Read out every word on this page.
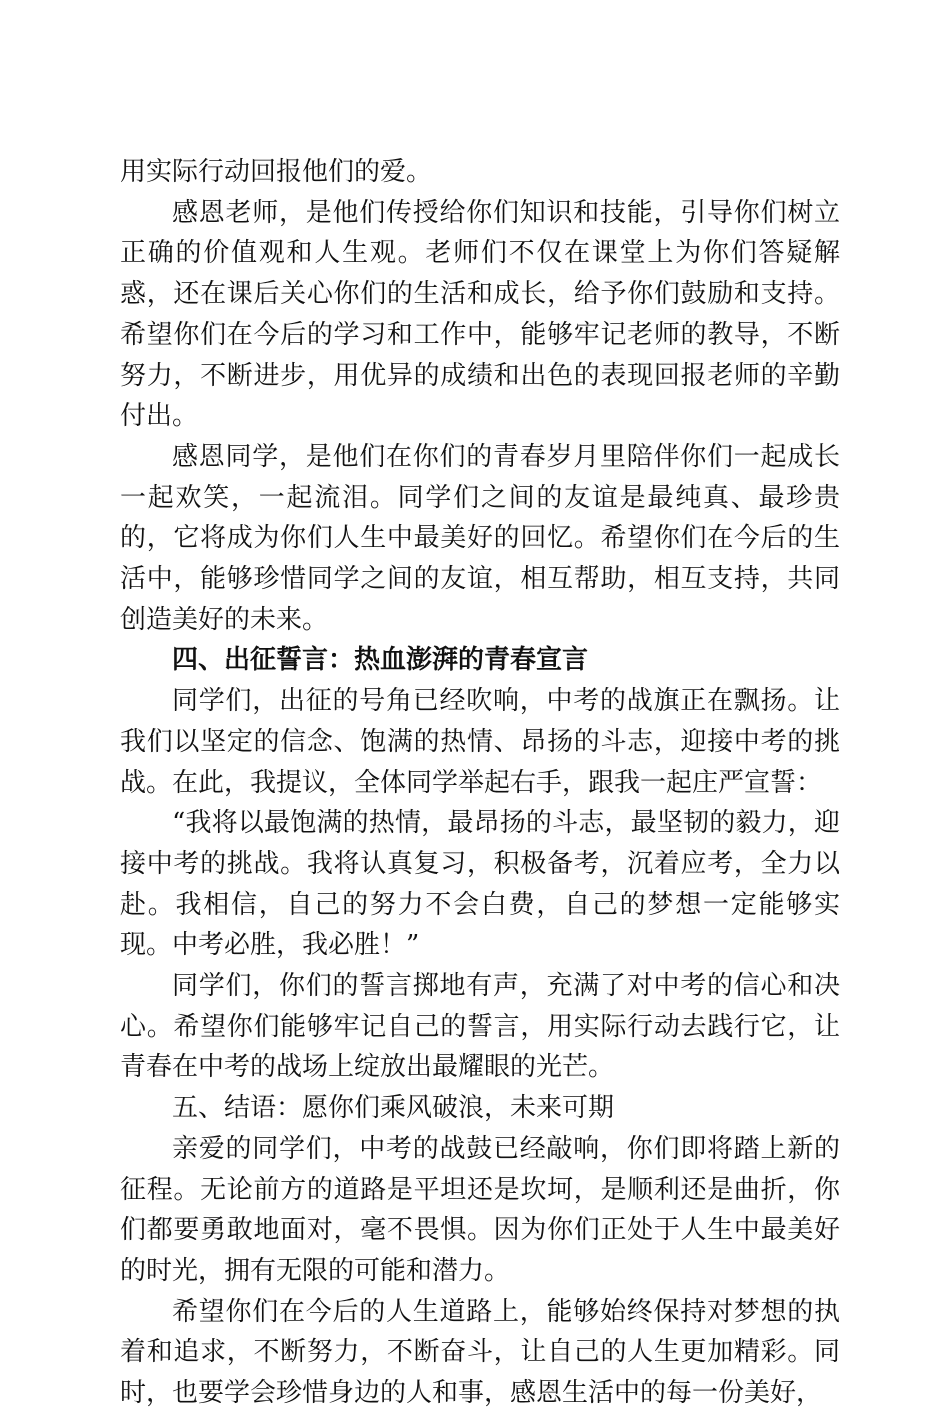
用实际行动回报他们的爱。

感恩老师，是他们传授给你们知识和技能，引导你们树立正确的价值观和人生观。老师们不仅在课堂上为你们答疑解惑，还在课后关心你们的生活和成长，给予你们鼓励和支持。希望你们在今后的学习和工作中，能够牢记老师的教导，不断努力，不断进步，用优异的成绩和出色的表现回报老师的辛勤付出。

感恩同学，是他们在你们的青春岁月里陪伴你们一起成长一起欢笑，一起流泪。同学们之间的友谊是最纯真、最珍贵的，它将成为你们人生中最美好的回忆。希望你们在今后的生活中，能够珍惜同学之间的友谊，相互帮助，相互支持，共同创造美好的未来。

四、出征誓言：热血澎湃的青春宣言

同学们，出征的号角已经吹响，中考的战旗正在飘扬。让我们以坚定的信念、饱满的热情、昂扬的斗志，迎接中考的挑战。在此，我提议，全体同学举起右手，跟我一起庄严宣誓：

“我将以最饱满的热情，最昂扬的斗志，最坚韧的毅力，迎接中考的挑战。我将认真复习，积极备考，沉着应考，全力以赴。我相信，自己的努力不会白费，自己的梦想一定能够实现。中考必胜，我必胜！”

同学们，你们的誓言掷地有声，充满了对中考的信心和决心。希望你们能够牢记自己的誓言，用实际行动去践行它，让青春在中考的战场上绽放出最耀眼的光芒。

五、结语：愿你们乘风破浪，未来可期

亲爱的同学们，中考的战鼓已经敲响，你们即将踏上新的征程。无论前方的道路是平坦还是坎坷，是顺利还是曲折，你们都要勇敢地面对，毫不畏惧。因为你们正处于人生中最美好的时光，拥有无限的可能和潜力。

希望你们在今后的人生道路上，能够始终保持对梦想的执着和追求，不断努力，不断奋斗，让自己的人生更加精彩。同时，也要学会珍惜身边的人和事，感恩生活中的每一份美好，
